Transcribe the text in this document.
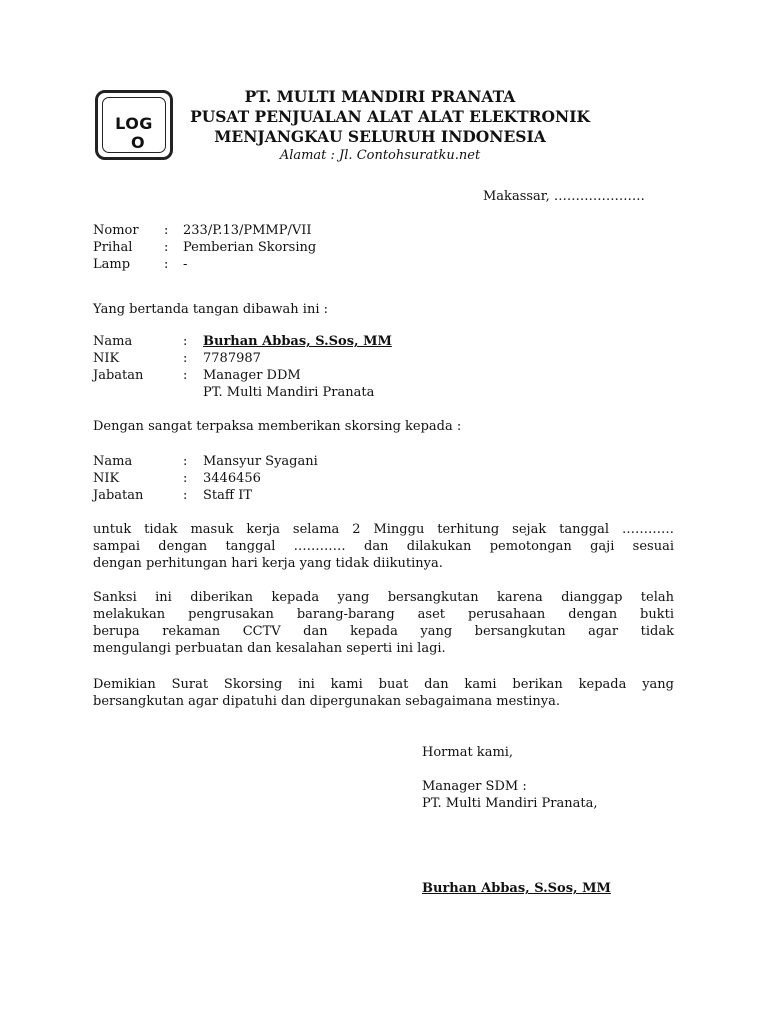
LOG
O
PT. MULTI MANDIRI PRANATA
PUSAT PENJUALAN ALAT ALAT ELEKTRONIK
MENJANGKAU SELURUH INDONESIA
Alamat : Jl. Contohsuratku.net
Makassar, …………………
Nomor : 233/P.13/PMMP/VII
Prihal : Pemberian Skorsing
Lamp	: -
Yang bertanda tangan dibawah ini :
Nama	: Burhan Abbas, S.Sos, MM
NIK	: 7787987
Jabatan	: Manager DDM
PT. Multi Mandiri Pranata
Dengan sangat terpaksa memberikan skorsing kepada :
Nama	: Mansyur Syagani
NIK	: 3446456
Jabatan	: Staff IT
untuk tidak masuk kerja selama 2 Minggu terhitung sejak tanggal …………
sampai dengan tanggal ………… dan dilakukan pemotongan gaji sesuai
dengan perhitungan hari kerja yang tidak diikutinya.
Sanksi ini diberikan kepada yang bersangkutan karena dianggap telah
melakukan pengrusakan barang-barang aset perusahaan dengan bukti
berupa rekaman CCTV dan kepada yang bersangkutan agar tidak
mengulangi perbuatan dan kesalahan seperti ini lagi.
Demikian Surat Skorsing ini kami buat dan kami berikan kepada yang
bersangkutan agar dipatuhi dan dipergunakan sebagaimana mestinya.
Hormat kami,
Manager SDM :
PT. Multi Mandiri Pranata,
Burhan Abbas, S.Sos, MM
